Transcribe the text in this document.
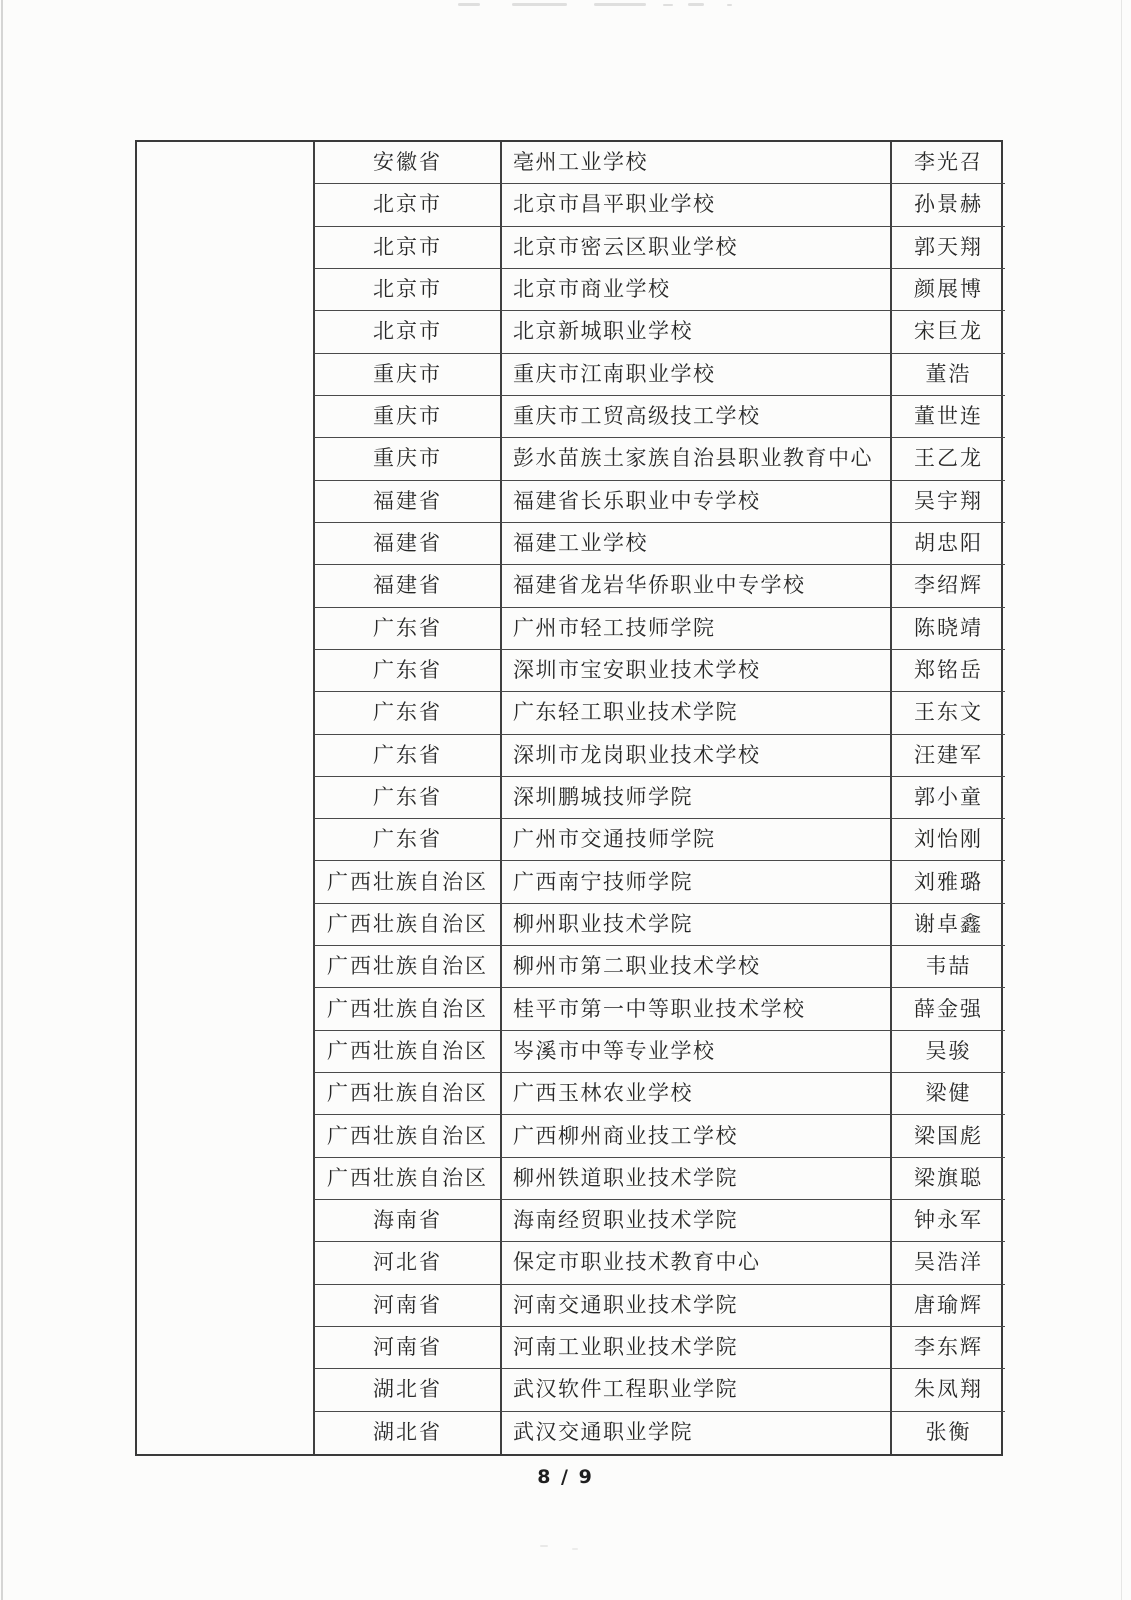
安徽省	亳州工业学校	李光召
北京市	北京市昌平职业学校	孙景赫
北京市	北京市密云区职业学校	郭天翔
北京市	北京市商业学校	颜展博
北京市	北京新城职业学校	宋巨龙
重庆市	重庆市江南职业学校	董浩
重庆市	重庆市工贸高级技工学校	董世连
重庆市	彭水苗族土家族自治县职业教育中心	王乙龙
福建省	福建省长乐职业中专学校	吴宇翔
福建省	福建工业学校	胡忠阳
福建省	福建省龙岩华侨职业中专学校	李绍辉
广东省	广州市轻工技师学院	陈晓靖
广东省	深圳市宝安职业技术学校	郑铭岳
广东省	广东轻工职业技术学院	王东文
广东省	深圳市龙岗职业技术学校	汪建军
广东省	深圳鹏城技师学院	郭小童
广东省	广州市交通技师学院	刘怡刚
广西壮族自治区	广西南宁技师学院	刘雅璐
广西壮族自治区	柳州职业技术学院	谢卓鑫
广西壮族自治区	柳州市第二职业技术学校	韦喆
广西壮族自治区	桂平市第一中等职业技术学校	薛金强
广西壮族自治区	岑溪市中等专业学校	吴骏
广西壮族自治区	广西玉林农业学校	梁健
广西壮族自治区	广西柳州商业技工学校	梁国彪
广西壮族自治区	柳州铁道职业技术学院	梁旗聪
海南省	海南经贸职业技术学院	钟永军
河北省	保定市职业技术教育中心	吴浩洋
河南省	河南交通职业技术学院	唐瑜辉
河南省	河南工业职业技术学院	李东辉
湖北省	武汉软件工程职业学院	朱凤翔
湖北省	武汉交通职业学院	张衡
8 / 9
